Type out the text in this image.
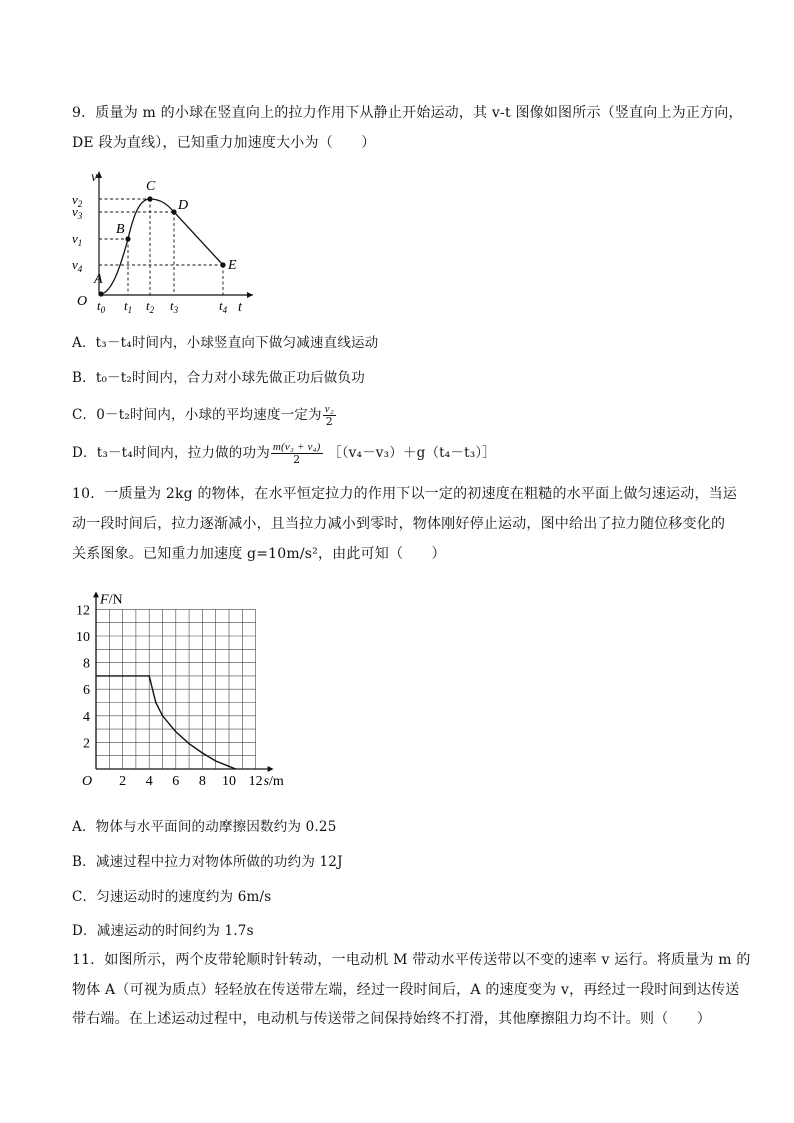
9．质量为 m 的小球在竖直向上的拉力作用下从静止开始运动，其 v-t 图像如图所示（竖直向上为正方向，
DE 段为直线），已知重力加速度大小为（　　）
v
t
O
A
B
C
D
E
$v_2$
$v_3$
$v_1$
$v_4$
$t_0$ $t_1$ $t_2$ $t_3$	$t_4$
A．t₃－t₄时间内，小球竖直向下做匀减速直线运动
B．t₀－t₂时间内，合力对小球先做正功后做负功
C．0－t₂时间内，小球的平均速度一定为 $\frac{\text{v₂}}{2}$
D．t₃－t₄时间内，拉力做的功为 $\frac{\text{m(v₃ + v₄)}}{2}$ ［（v₄－v₃）＋g（t₄－t₃）］
10．一质量为 2kg 的物体，在水平恒定拉力的作用下以一定的初速度在粗糙的水平面上做匀速运动，当运
动一段时间后，拉力逐渐减小，且当拉力减小到零时，物体刚好停止运动，图中给出了拉力随位移变化的
关系图象。已知重力加速度 g=10m/s²，由此可知（　　）
2 4 6 8 10 12
2
4
6
8
10
12
F/N
s/m
O
A．物体与水平面间的动摩擦因数约为 0.25
B．减速过程中拉力对物体所做的功约为 12J
C．匀速运动时的速度约为 6m/s
D．减速运动的时间约为 1.7s
11．如图所示，两个皮带轮顺时针转动，一电动机 M 带动水平传送带以不变的速率 v 运行。将质量为 m 的
物体 A（可视为质点）轻轻放在传送带左端，经过一段时间后，A 的速度变为 v，再经过一段时间到达传送
带右端。在上述运动过程中，电动机与传送带之间保持始终不打滑，其他摩擦阻力均不计。则（　　）
